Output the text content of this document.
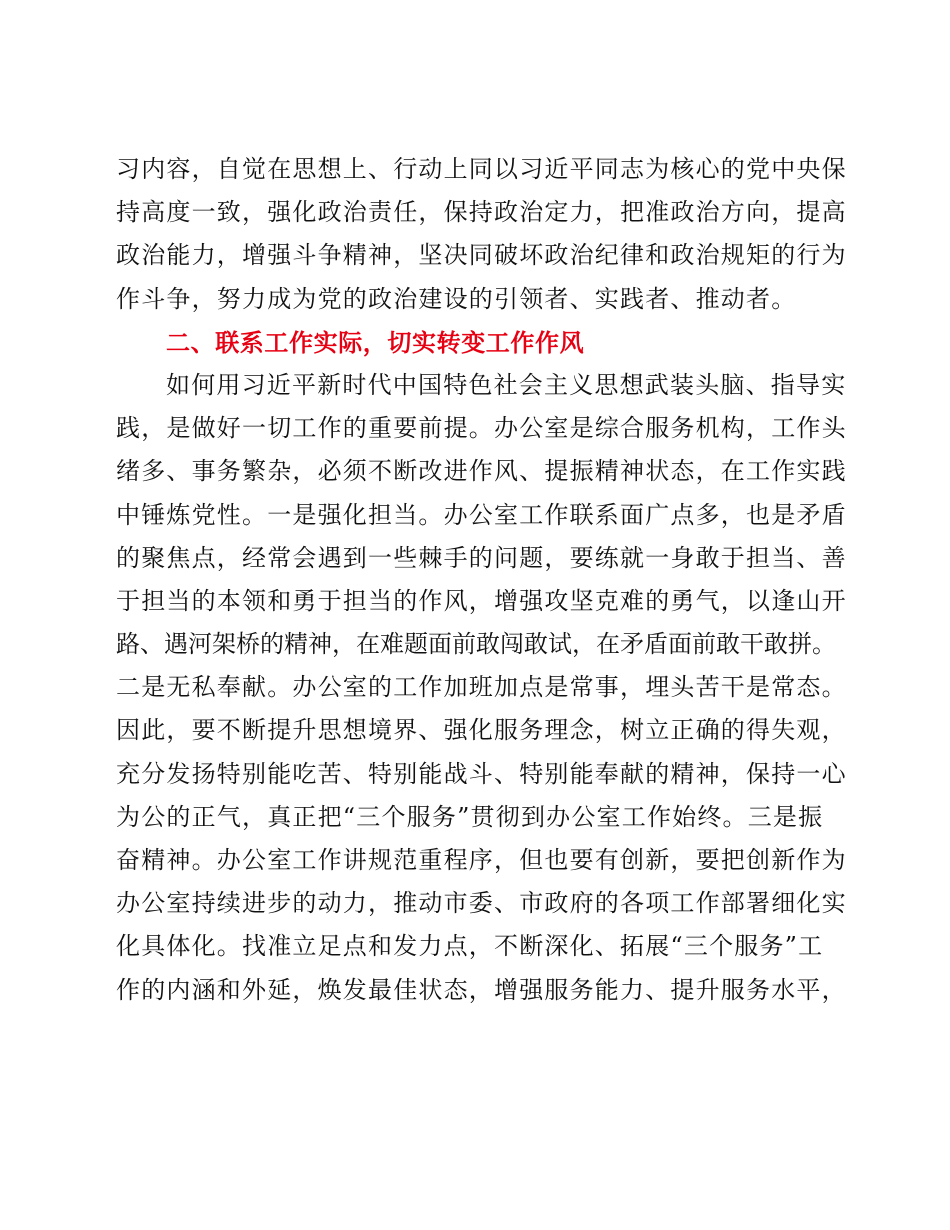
习内容，自觉在思想上、行动上同以习近平同志为核心的党中央保
持高度一致，强化政治责任，保持政治定力，把准政治方向，提高
政治能力，增强斗争精神，坚决同破坏政治纪律和政治规矩的行为
作斗争，努力成为党的政治建设的引领者、实践者、推动者。
二、联系工作实际，切实转变工作作风
如何用习近平新时代中国特色社会主义思想武装头脑、指导实
践，是做好一切工作的重要前提。办公室是综合服务机构，工作头
绪多、事务繁杂，必须不断改进作风、提振精神状态，在工作实践
中锤炼党性。一是强化担当。办公室工作联系面广点多，也是矛盾
的聚焦点，经常会遇到一些棘手的问题，要练就一身敢于担当、善
于担当的本领和勇于担当的作风，增强攻坚克难的勇气，以逢山开
路、遇河架桥的精神，在难题面前敢闯敢试，在矛盾面前敢干敢拼。
二是无私奉献。办公室的工作加班加点是常事，埋头苦干是常态。
因此，要不断提升思想境界、强化服务理念，树立正确的得失观，
充分发扬特别能吃苦、特别能战斗、特别能奉献的精神，保持一心
为公的正气，真正把“三个服务”贯彻到办公室工作始终。三是振
奋精神。办公室工作讲规范重程序，但也要有创新，要把创新作为
办公室持续进步的动力，推动市委、市政府的各项工作部署细化实
化具体化。找准立足点和发力点，不断深化、拓展“三个服务”工
作的内涵和外延，焕发最佳状态，增强服务能力、提升服务水平，
